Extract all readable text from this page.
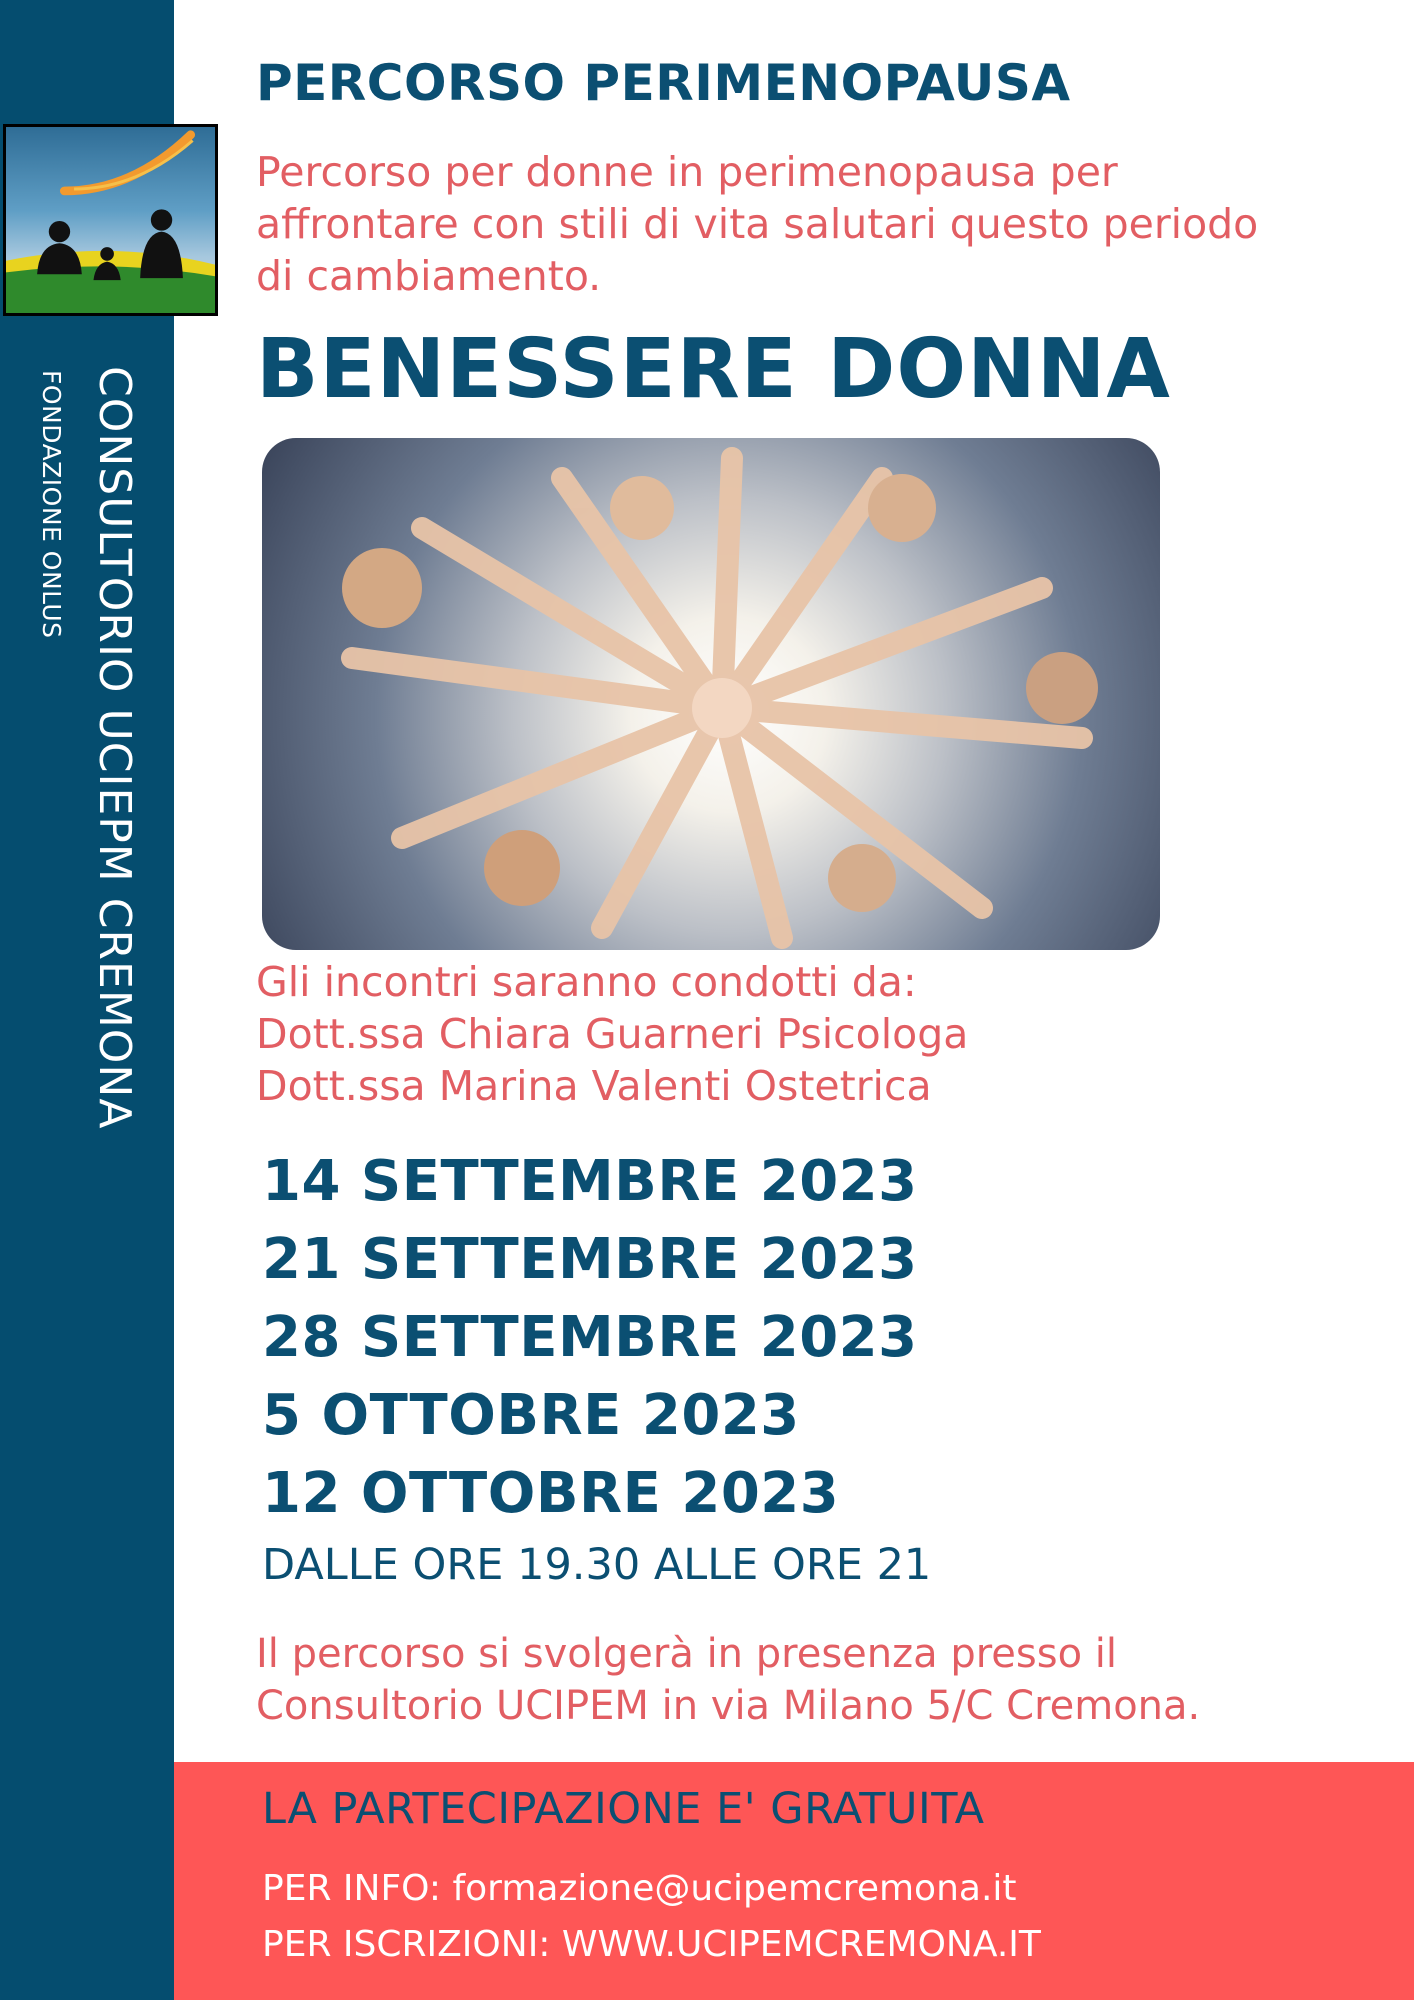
CONSULTORIO UCIEPM CREMONA
FONDAZIONE ONLUS
PERCORSO PERIMENOPAUSA

Percorso per donne in perimenopausa per affrontare con stili di vita salutari questo periodo di cambiamento.

BENESSERE DONNA
Gli incontri saranno condotti da:
Dott.ssa Chiara Guarneri Psicologa
Dott.ssa Marina Valenti Ostetrica
14 SETTEMBRE 2023
21 SETTEMBRE 2023
28 SETTEMBRE 2023
5 OTTOBRE 2023
12 OTTOBRE 2023
DALLE ORE 19.30 ALLE ORE 21
Il percorso si svolgerà in presenza presso il
Consultorio UCIPEM in via Milano 5/C Cremona.
LA PARTECIPAZIONE E' GRATUITA
PER INFO: formazione@ucipemcremona.it
PER ISCRIZIONI: WWW.UCIPEMCREMONA.IT
